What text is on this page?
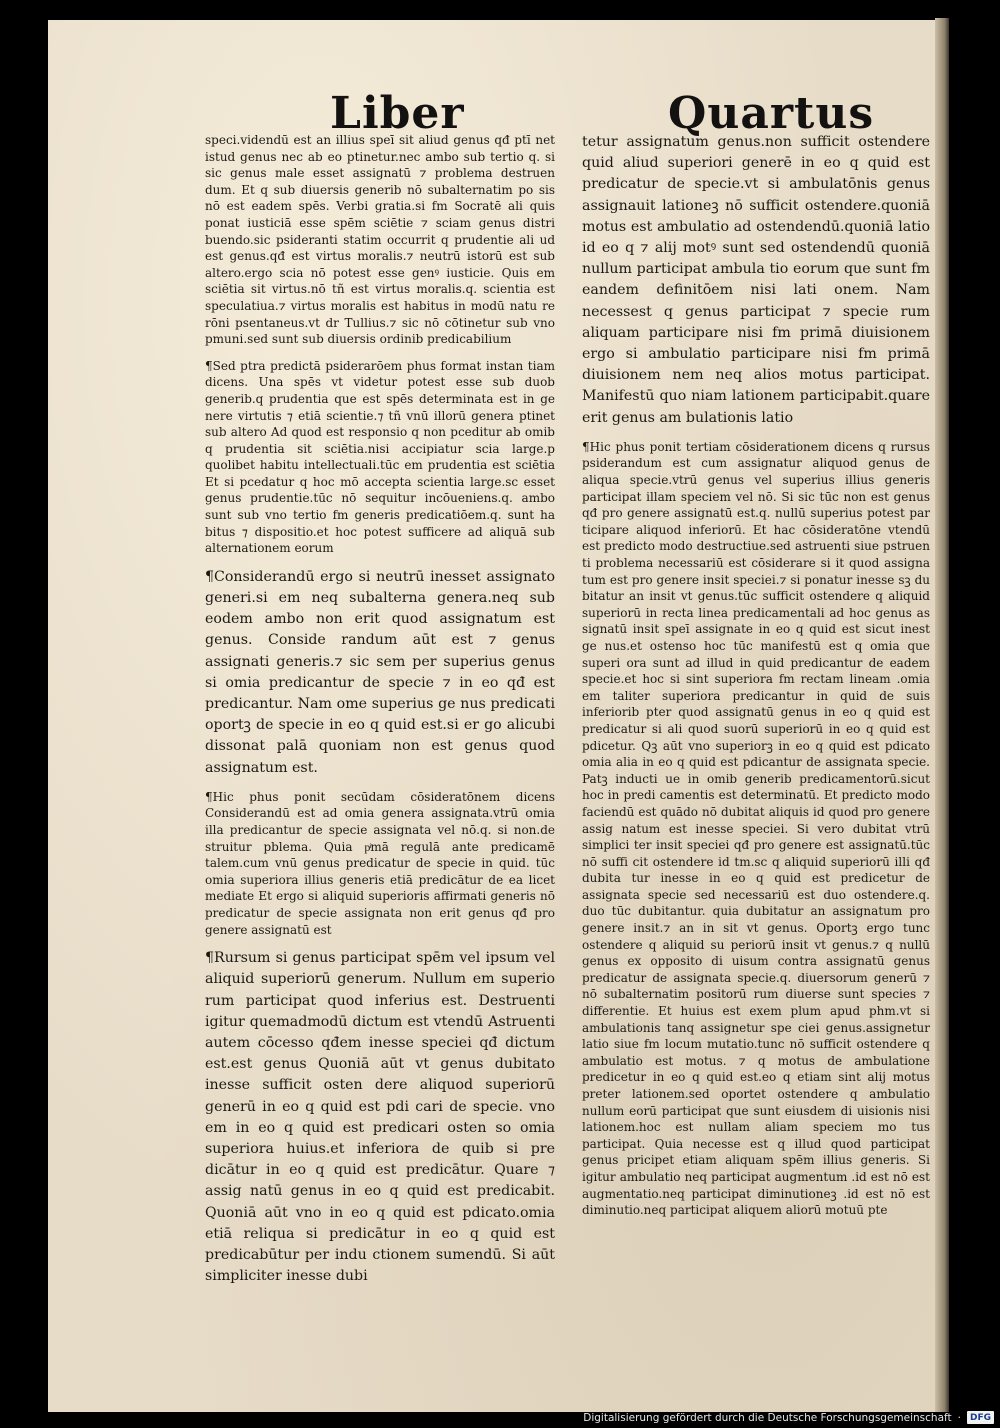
Liber	Quartus

speci.videndū est an illius speī sit aliud genus qđ ptī net istud genus nec ab eo ptinetur.nec ambo sub tertio q. si sic genus male esset assignatū ⁊ problema destruen dum. Et q sub diuersis generib nō subalternatim po sis nō est eadem spēs. Verbi gratia.si fm Socratē ali quis ponat iusticiā esse spēm sciētie ⁊ sciam genus distri buendo.sic psideranti statim occurrit q prudentie ali ud est genus.qđ est virtus moralis.⁊ neutrū istorū est sub altero.ergo scia nō potest esse genꝰ iusticie. Quis em sciētia sit virtus.nō tñ est virtus moralis.q. scientia est speculatiua.⁊ virtus moralis est habitus in modū natu re rōni psentaneus.vt dr Tullius.⁊ sic nō cōtinetur sub vno pmuni.sed sunt sub diuersis ordinib predicabilium

¶Sed ptra predictā psiderarōem phus format instan tiam dicens. Una spēs vt videtur potest esse sub duob generib.q prudentia que est spēs determinata est in ge nere virtutis ⁊ etiā scientie.⁊ tñ vnū illorū genera ptinet sub altero Ad quod est responsio q non pceditur ab omib q prudentia sit sciētia.nisi accipiatur scia large.p quolibet habitu intellectuali.tūc em prudentia est sciētia Et si pcedatur q hoc mō accepta scientia large.sc esset genus prudentie.tūc nō sequitur incōueniens.q. ambo sunt sub vno tertio fm generis predicatiōem.q. sunt ha bitus ⁊ dispositio.et hoc potest sufficere ad aliquā sub alternationem eorum

¶Considerandū ergo si neutrū inesset assignato generi.si em neq subalterna genera.neq sub eodem ambo non erit quod assignatum est genus. Conside randum aūt est ⁊ genus assignati generis.⁊ sic sem per superius genus si omia predicantur de specie ⁊ in eo qđ est predicantur. Nam ome superius ge nus predicati oportꝫ de specie in eo q quid est.si er go alicubi dissonat palā quoniam non est genus quod assignatum est.

¶Hic phus ponit secūdam cōsideratōnem dicens Considerandū est ad omia genera assignata.vtrū omia illa predicantur de specie assignata vel nō.q. si non.de struitur pblema. Quia pͥmā regulā ante predicamē talem.cum vnū genus predicatur de specie in quid. tūc omia superiora illius generis etiā predicātur de ea licet mediate Et ergo si aliquid superioris affirmati generis nō predicatur de specie assignata non erit genus qđ pro genere assignatū est

¶Rursum si genus participat spēm vel ipsum vel aliquid superiorū generum. Nullum em superio rum participat quod inferius est. Destruenti igitur quemadmodū dictum est vtendū Astruenti autem cōcesso qđem inesse speciei qđ dictum est.est genus Quoniā aūt vt genus dubitato inesse sufficit osten dere aliquod superiorū generū in eo q quid est pdi cari de specie. vno em in eo q quid est predicari osten so omia superiora huius.et inferiora de quib si pre dicātur in eo q quid est predicātur. Quare ⁊ assig natū genus in eo q quid est predicabit. Quoniā aūt vno in eo q quid est pdicato.omia etiā reliqua si predicātur in eo q quid est predicabūtur per indu ctionem sumendū. Si aūt simpliciter inesse dubi

tetur assignatum genus.non sufficit ostendere quid aliud superiori generē in eo q quid est predicatur de specie.vt si ambulatōnis genus assignauit lationeꝫ nō sufficit ostendere.quoniā motus est ambulatio ad ostendendū.quoniā latio id eo q ⁊ alij motꝰ sunt sed ostendendū quoniā nullum participat ambula tio eorum que sunt fm eandem definitōem nisi lati onem. Nam necessest q genus participat ⁊ specie rum aliquam participare nisi fm primā diuisionem ergo si ambulatio participare nisi fm primā diuisionem nem neq alios motus participat. Manifestū quo niam lationem participabit.quare erit genus am bulationis latio

¶Hic phus ponit tertiam cōsiderationem dicens q rursus psiderandum est cum assignatur aliquod genus de aliqua specie.vtrū genus vel superius illius generis participat illam speciem vel nō. Si sic tūc non est genus qđ pro genere assignatū est.q. nullū superius potest par ticipare aliquod inferiorū. Et hac cōsideratōne vtendū est predicto modo destructiue.sed astruenti siue pstruen ti problema necessariū est cōsiderare si it quod assigna tum est pro genere insit speciei.⁊ si ponatur inesse sꝫ du bitatur an insit vt genus.tūc sufficit ostendere q aliquid superiorū in recta linea predicamentali ad hoc genus as signatū insit speī assignate in eo q quid est sicut inest ge nus.et ostenso hoc tūc manifestū est q omia que superi ora sunt ad illud in quid predicantur de eadem specie.et hoc si sint superiora fm rectam lineam .omia em taliter superiora predicantur in quid de suis inferiorib pter quod assignatū genus in eo q quid est predicatur si ali quod suorū superiorū in eo q quid est pdicetur. Qꝫ aūt vno superiorꝫ in eo q quid est pdicato omia alia in eo q quid est pdicantur de assignata specie. Patꝫ inducti ue in omib generib predicamentorū.sicut hoc in predi camentis est determinatū. Et predicto modo faciendū est quādo nō dubitat aliquis id quod pro genere assig natum est inesse speciei. Si vero dubitat vtrū simplici ter insit speciei qđ pro genere est assignatū.tūc nō suffi cit ostendere id tm.sc q aliquid superiorū illi qđ dubita tur inesse in eo q quid est predicetur de assignata specie sed necessariū est duo ostendere.q. duo tūc dubitantur. quia dubitatur an assignatum pro genere insit.⁊ an in sit vt genus. Oportꝫ ergo tunc ostendere q aliquid su periorū insit vt genus.⁊ q nullū genus ex opposito di uisum contra assignatū genus predicatur de assignata specie.q. diuersorum generū ⁊ nō subalternatim positorū rum diuerse sunt species ⁊ differentie. Et huius est exem plum apud phm.vt si ambulationis tanq assignetur spe ciei genus.assignetur latio siue fm locum mutatio.tunc nō sufficit ostendere q ambulatio est motus. ⁊ q motus de ambulatione predicetur in eo q quid est.eo q etiam sint alij motus preter lationem.sed oportet ostendere q ambulatio nullum eorū participat que sunt eiusdem di uisionis nisi lationem.hoc est nullam aliam speciem mo tus participat. Quia necesse est q illud quod participat genus pricipet etiam aliquam spēm illius generis. Si igitur ambulatio neq participat augmentum .id est nō est augmentatio.neq participat diminutioneꝫ .id est nō est diminutio.neq participat aliquem aliorū motuū pte

Digitalisierung gefördert durch die Deutsche Forschungsgemeinschaft ·	DFG
